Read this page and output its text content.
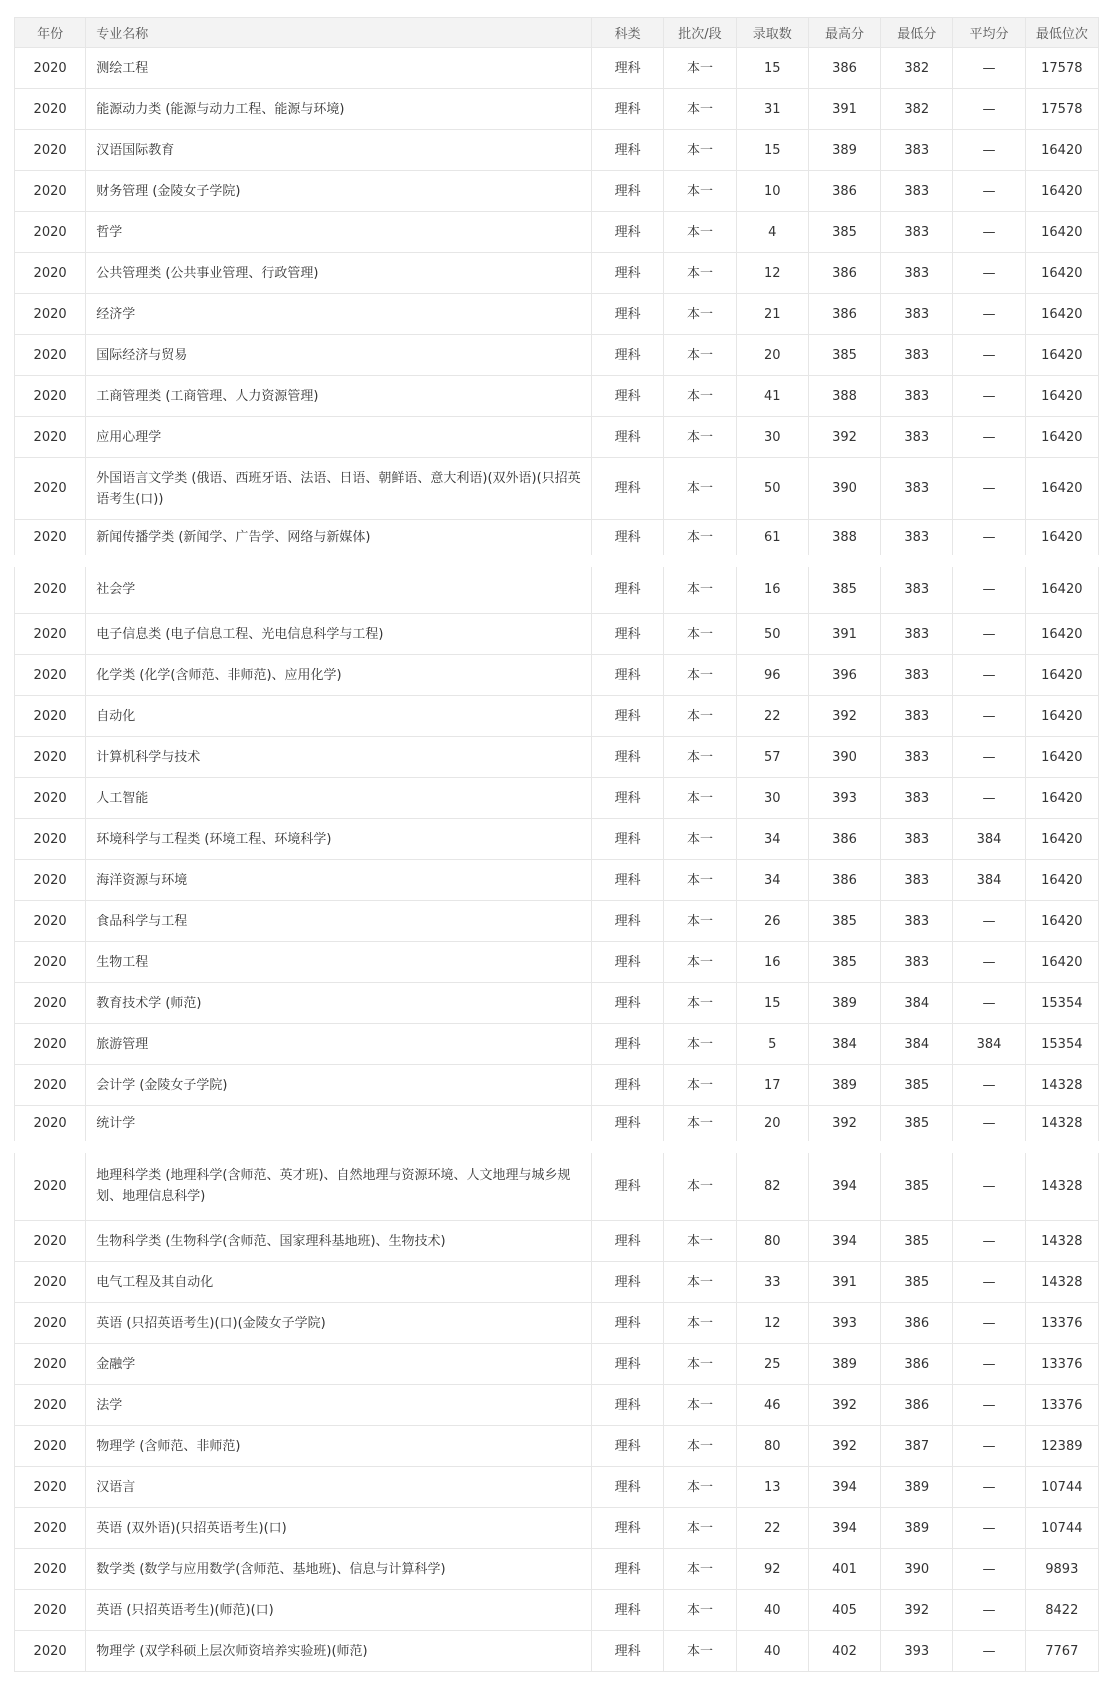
年份	专业名称	科类	批次/段	录取数	最高分	最低分	平均分	最低位次
2020	测绘工程	理科	本一	15	386	382	—	17578
2020	能源动力类 (能源与动力工程、能源与环境)	理科	本一	31	391	382	—	17578
2020	汉语国际教育	理科	本一	15	389	383	—	16420
2020	财务管理 (金陵女子学院)	理科	本一	10	386	383	—	16420
2020	哲学	理科	本一	4	385	383	—	16420
2020	公共管理类 (公共事业管理、行政管理)	理科	本一	12	386	383	—	16420
2020	经济学	理科	本一	21	386	383	—	16420
2020	国际经济与贸易	理科	本一	20	385	383	—	16420
2020	工商管理类 (工商管理、人力资源管理)	理科	本一	41	388	383	—	16420
2020	应用心理学	理科	本一	30	392	383	—	16420
2020	外国语言文学类 (俄语、西班牙语、法语、日语、朝鲜语、意大利语)(双外语)(只招英语考生(口))	理科	本一	50	390	383	—	16420
2020	新闻传播学类 (新闻学、广告学、网络与新媒体)	理科	本一	61	388	383	—	16420
2020	社会学	理科	本一	16	385	383	—	16420
2020	电子信息类 (电子信息工程、光电信息科学与工程)	理科	本一	50	391	383	—	16420
2020	化学类 (化学(含师范、非师范)、应用化学)	理科	本一	96	396	383	—	16420
2020	自动化	理科	本一	22	392	383	—	16420
2020	计算机科学与技术	理科	本一	57	390	383	—	16420
2020	人工智能	理科	本一	30	393	383	—	16420
2020	环境科学与工程类 (环境工程、环境科学)	理科	本一	34	386	383	384	16420
2020	海洋资源与环境	理科	本一	34	386	383	384	16420
2020	食品科学与工程	理科	本一	26	385	383	—	16420
2020	生物工程	理科	本一	16	385	383	—	16420
2020	教育技术学 (师范)	理科	本一	15	389	384	—	15354
2020	旅游管理	理科	本一	5	384	384	384	15354
2020	会计学 (金陵女子学院)	理科	本一	17	389	385	—	14328
2020	统计学	理科	本一	20	392	385	—	14328
2020	地理科学类 (地理科学(含师范、英才班)、自然地理与资源环境、人文地理与城乡规划、地理信息科学)	理科	本一	82	394	385	—	14328
2020	生物科学类 (生物科学(含师范、国家理科基地班)、生物技术)	理科	本一	80	394	385	—	14328
2020	电气工程及其自动化	理科	本一	33	391	385	—	14328
2020	英语 (只招英语考生)(口)(金陵女子学院)	理科	本一	12	393	386	—	13376
2020	金融学	理科	本一	25	389	386	—	13376
2020	法学	理科	本一	46	392	386	—	13376
2020	物理学 (含师范、非师范)	理科	本一	80	392	387	—	12389
2020	汉语言	理科	本一	13	394	389	—	10744
2020	英语 (双外语)(只招英语考生)(口)	理科	本一	22	394	389	—	10744
2020	数学类 (数学与应用数学(含师范、基地班)、信息与计算科学)	理科	本一	92	401	390	—	9893
2020	英语 (只招英语考生)(师范)(口)	理科	本一	40	405	392	—	8422
2020	物理学 (双学科硕上层次师资培养实验班)(师范)	理科	本一	40	402	393	—	7767
